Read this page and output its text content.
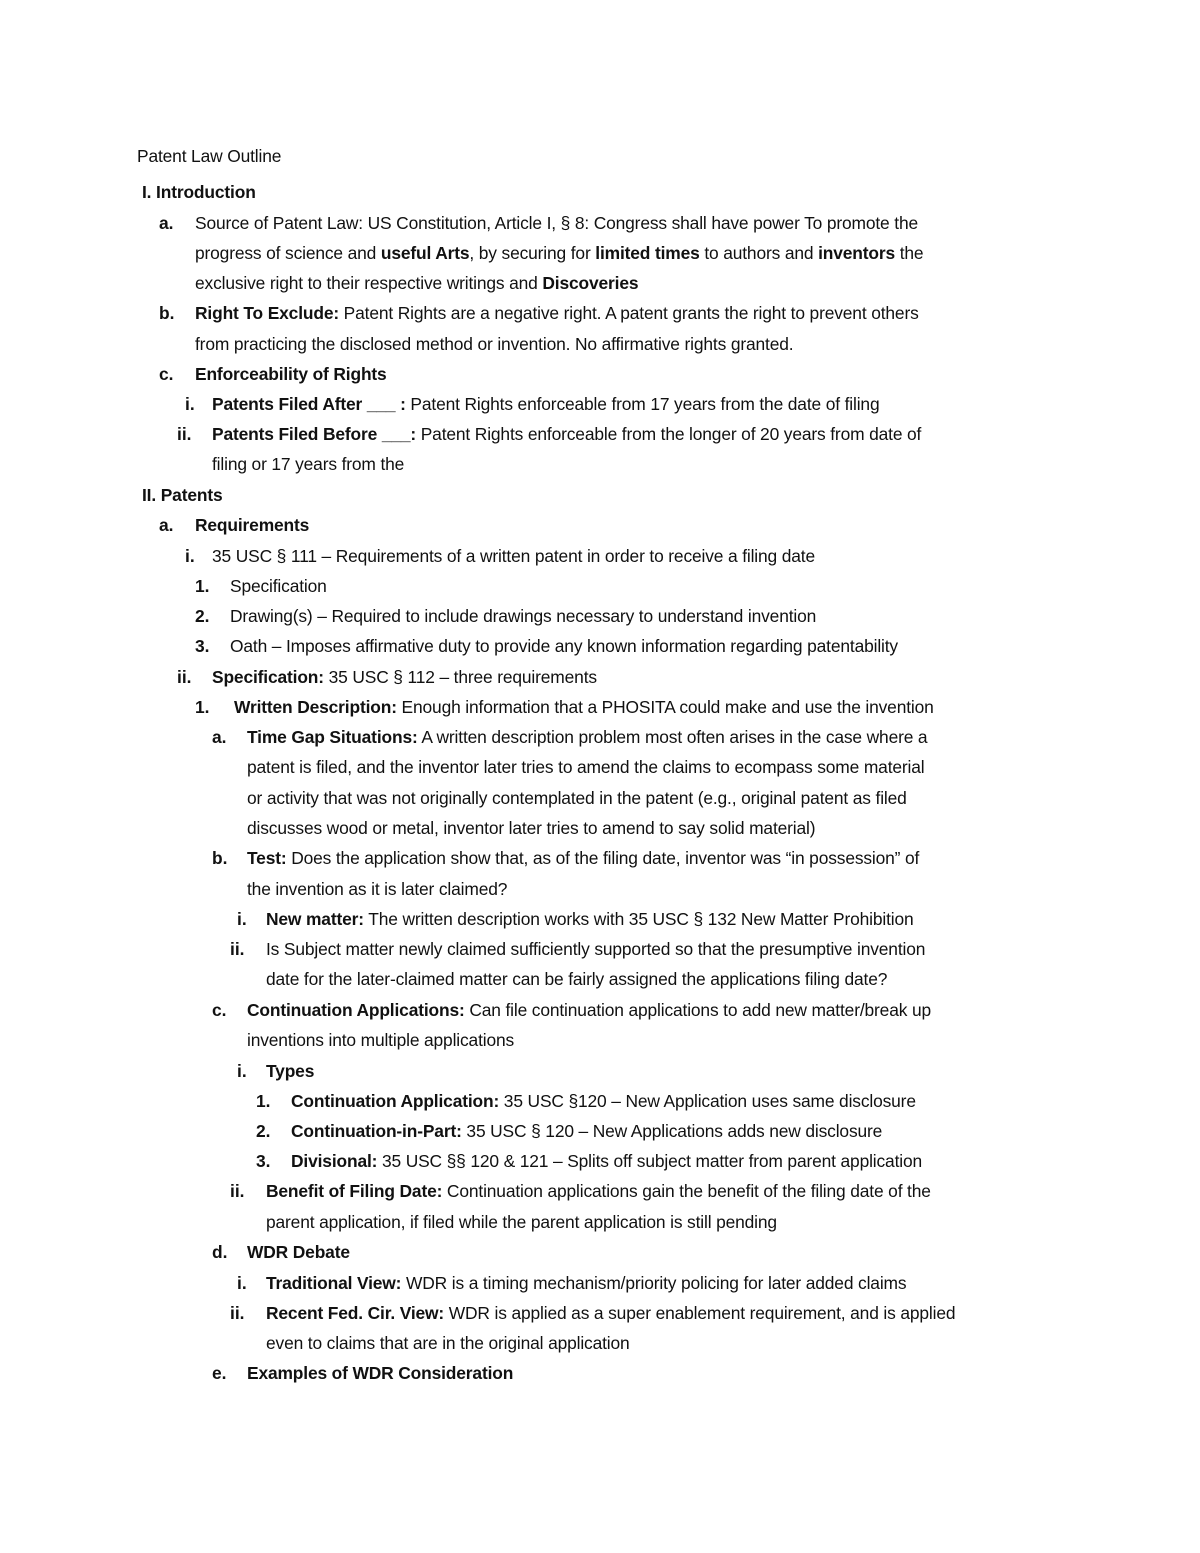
Patent Law Outline
I. Introduction
a. Source of Patent Law: US Constitution, Article I, § 8: Congress shall have power To promote the
progress of science and useful Arts, by securing for limited times to authors and inventors the
exclusive right to their respective writings and Discoveries
b. Right To Exclude: Patent Rights are a negative right. A patent grants the right to prevent others
from practicing the disclosed method or invention. No affirmative rights granted.
c. Enforceability of Rights
i. Patents Filed After ___ : Patent Rights enforceable from 17 years from the date of filing
ii. Patents Filed Before ___: Patent Rights enforceable from the longer of 20 years from date of
filing or 17 years from the
II. Patents
a. Requirements
i. 35 USC § 111 – Requirements of a written patent in order to receive a filing date
1. Specification
2. Drawing(s) – Required to include drawings necessary to understand invention
3. Oath – Imposes affirmative duty to provide any known information regarding patentability
ii. Specification: 35 USC § 112 – three requirements
1. Written Description: Enough information that a PHOSITA could make and use the invention
a. Time Gap Situations: A written description problem most often arises in the case where a
patent is filed, and the inventor later tries to amend the claims to ecompass some material
or activity that was not originally contemplated in the patent (e.g., original patent as filed
discusses wood or metal, inventor later tries to amend to say solid material)
b. Test: Does the application show that, as of the filing date, inventor was “in possession” of
the invention as it is later claimed?
i. New matter: The written description works with 35 USC § 132 New Matter Prohibition
ii. Is Subject matter newly claimed sufficiently supported so that the presumptive invention
date for the later-claimed matter can be fairly assigned the applications filing date?
c. Continuation Applications: Can file continuation applications to add new matter/break up
inventions into multiple applications
i. Types
1. Continuation Application: 35 USC §120 – New Application uses same disclosure
2. Continuation-in-Part: 35 USC § 120 – New Applications adds new disclosure
3. Divisional: 35 USC §§ 120 & 121 – Splits off subject matter from parent application
ii. Benefit of Filing Date: Continuation applications gain the benefit of the filing date of the
parent application, if filed while the parent application is still pending
d. WDR Debate
i. Traditional View: WDR is a timing mechanism/priority policing for later added claims
ii. Recent Fed. Cir. View: WDR is applied as a super enablement requirement, and is applied
even to claims that are in the original application
e. Examples of WDR Consideration
